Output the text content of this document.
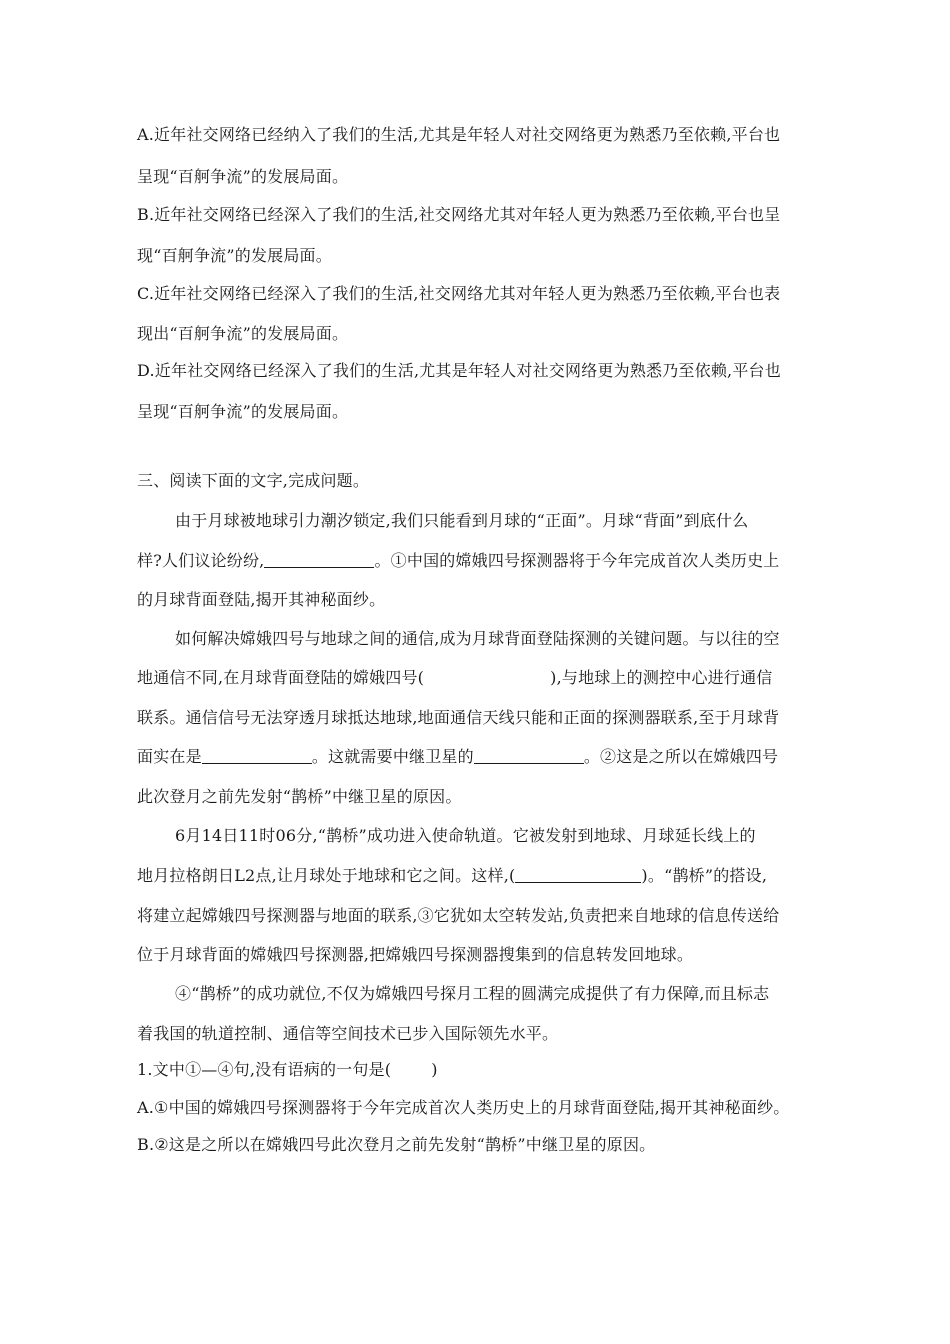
A.近年社交网络已经纳入了我们的生活,尤其是年轻人对社交网络更为熟悉乃至依赖,平台也
呈现“百舸争流”的发展局面。
B.近年社交网络已经深入了我们的生活,社交网络尤其对年轻人更为熟悉乃至依赖,平台也呈
现“百舸争流”的发展局面。
C.近年社交网络已经深入了我们的生活,社交网络尤其对年轻人更为熟悉乃至依赖,平台也表
现出“百舸争流”的发展局面。
D.近年社交网络已经深入了我们的生活,尤其是年轻人对社交网络更为熟悉乃至依赖,平台也
呈现“百舸争流”的发展局面。
三、阅读下面的文字,完成问题。
由于月球被地球引力潮汐锁定,我们只能看到月球的“正面”。月球“背面”到底什么
样?人们议论纷纷,	。①中国的嫦娥四号探测器将于今年完成首次人类历史上
的月球背面登陆,揭开其神秘面纱。
如何解决嫦娥四号与地球之间的通信,成为月球背面登陆探测的关键问题。与以往的空
地通信不同,在月球背面登陆的嫦娥四号(	),与地球上的测控中心进行通信
联系。通信信号无法穿透月球抵达地球,地面通信天线只能和正面的探测器联系,至于月球背
面实在是	。这就需要中继卫星的	。②这是之所以在嫦娥四号
此次登月之前先发射“鹊桥”中继卫星的原因。
6月14日11时06分,“鹊桥”成功进入使命轨道。它被发射到地球、月球延长线上的
地月拉格朗日L2点,让月球处于地球和它之间。这样,(	)。“鹊桥”的搭设,
将建立起嫦娥四号探测器与地面的联系,③它犹如太空转发站,负责把来自地球的信息传送给
位于月球背面的嫦娥四号探测器,把嫦娥四号探测器搜集到的信息转发回地球。
④“鹊桥”的成功就位,不仅为嫦娥四号探月工程的圆满完成提供了有力保障,而且标志
着我国的轨道控制、通信等空间技术已步入国际领先水平。
1.文中①—④句,没有语病的一句是(	)
A.①中国的嫦娥四号探测器将于今年完成首次人类历史上的月球背面登陆,揭开其神秘面纱。
B.②这是之所以在嫦娥四号此次登月之前先发射“鹊桥”中继卫星的原因。
